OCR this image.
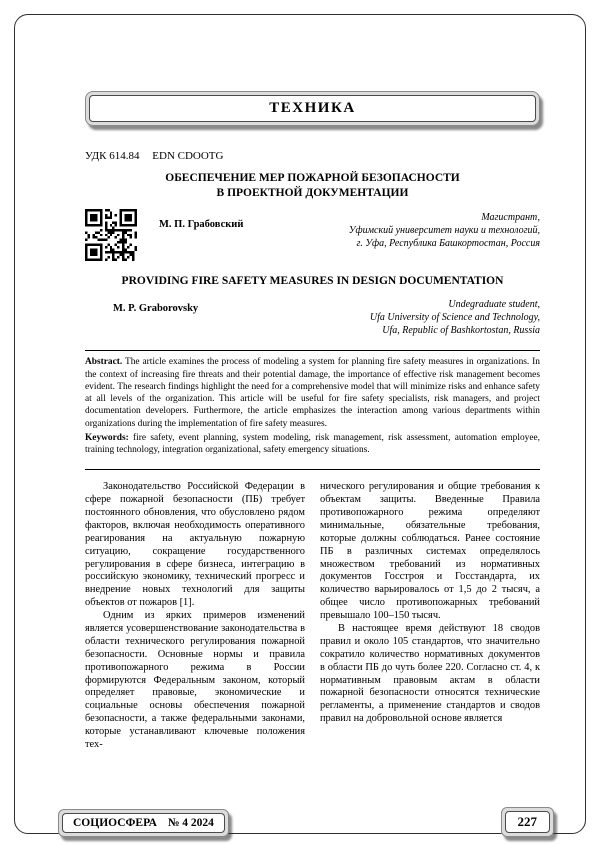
ТЕХНИКА
УДК 614.84 EDN CDOOTG
ОБЕСПЕЧЕНИЕ МЕР ПОЖАРНОЙ БЕЗОПАСНОСТИ
В ПРОЕКТНОЙ ДОКУМЕНТАЦИИ
М. П. Грабовский
Магистрант,
Уфимский университет науки и технологий,
г. Уфа, Республика Башкортостан, Россия
PROVIDING FIRE SAFETY MEASURES IN DESIGN DOCUMENTATION
M. P. Graborovsky	Undegraduate student,
Ufa University of Science and Technology,
Ufa, Republic of Bashkortostan, Russia

Abstract. The article examines the process of modeling a system for planning fire safety measures in organizations. In the context of increasing fire threats and their potential damage, the importance of effective risk management becomes evident. The research findings highlight the need for a comprehensive model that will minimize risks and enhance safety at all levels of the organization. This article will be useful for fire safety specialists, risk managers, and project documentation developers. Furthermore, the article emphasizes the interaction among various departments within organizations during the implementation of fire safety measures.

Keywords: fire safety, event planning, system modeling, risk management, risk assessment, automation employee, training technology, integration organizational, safety emergency situations.

Законодательство Российской Федерации в сфере пожарной безопасности (ПБ) требует постоянного обновления, что обусловлено рядом факторов, включая необходимость оперативного реагирования на актуальную пожарную ситуацию, сокращение государственного регулирования в сфере бизнеса, интеграцию в российскую экономику, технический прогресс и внедрение новых технологий для защиты объектов от пожаров [1].

Одним из ярких примеров изменений является усовершенствование законодательства в области технического регулирования пожарной безопасности. Основные нормы и правила противопожарного режима в России формируются Федеральным законом, который определяет правовые, экономические и социальные основы обеспечения пожарной безопасности, а также федеральными законами, которые устанавливают ключевые положения тех-

нического регулирования и общие требования к объектам защиты. Введенные Правила противопожарного режима определяют минимальные, обязательные требования, которые должны соблюдаться. Ранее состояние ПБ в различных системах определялось множеством требований из нормативных документов Госстроя и Госстандарта, их количество варьировалось от 1,5 до 2 тысяч, а общее число противопожарных требований превышало 100–150 тысяч.

В настоящее время действуют 18 сводов правил и около 105 стандартов, что значительно сократило количество нормативных документов в области ПБ до чуть более 220. Согласно ст. 4, к нормативным правовым актам в области пожарной безопасности относятся технические регламенты, а применение стандартов и сводов правил на добровольной основе является

СОЦИОСФЕРА № 4 2024	227
